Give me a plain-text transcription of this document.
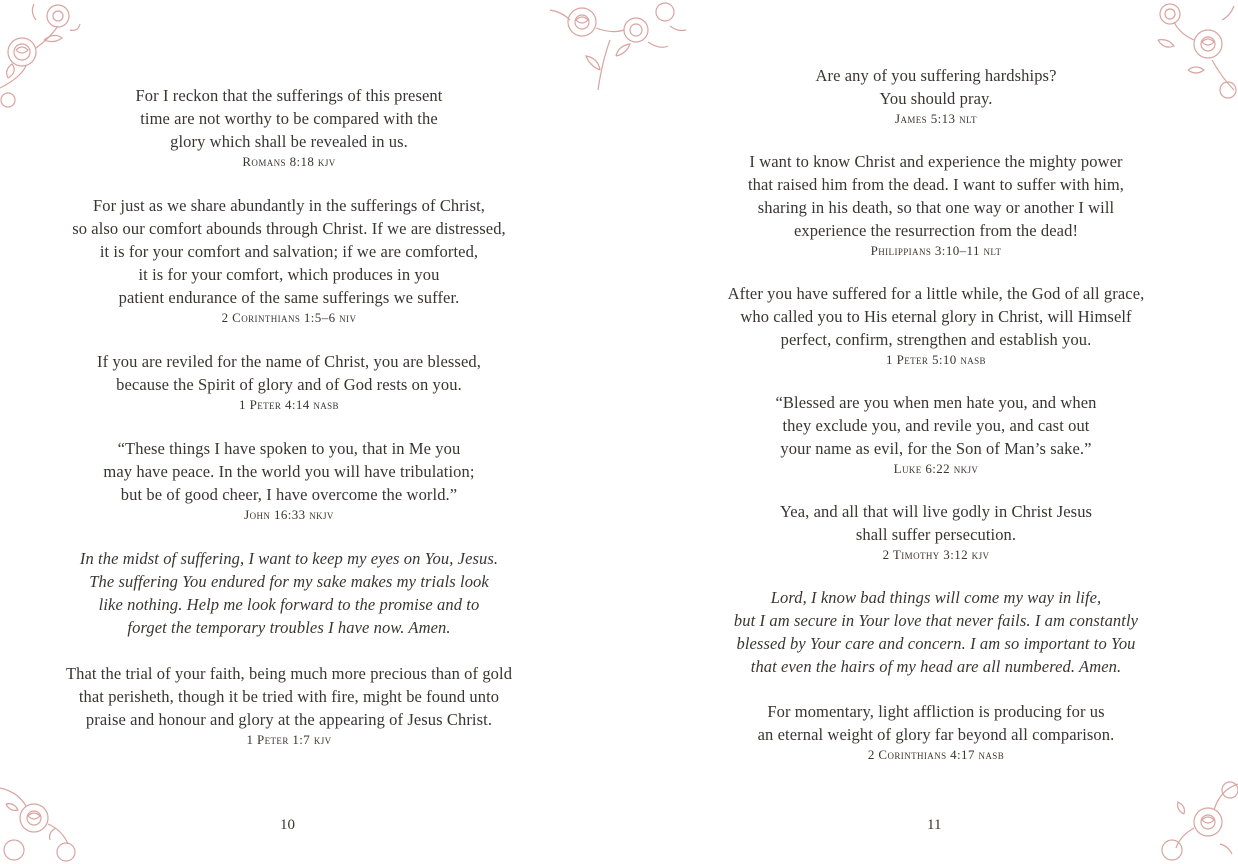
For I reckon that the sufferings of this present
time are not worthy to be compared with the
glory which shall be revealed in us.
Romans 8:18 kjv
For just as we share abundantly in the sufferings of Christ,
so also our comfort abounds through Christ. If we are distressed,
it is for your comfort and salvation; if we are comforted,
it is for your comfort, which produces in you
patient endurance of the same sufferings we suffer.
2 Corinthians 1:5–6 niv
If you are reviled for the name of Christ, you are blessed,
because the Spirit of glory and of God rests on you.
1 Peter 4:14 nasb
“These things I have spoken to you, that in Me you
may have peace. In the world you will have tribulation;
but be of good cheer, I have overcome the world.”
John 16:33 nkjv
In the midst of suffering, I want to keep my eyes on You, Jesus.
The suffering You endured for my sake makes my trials look
like nothing. Help me look forward to the promise and to
forget the temporary troubles I have now. Amen.
That the trial of your faith, being much more precious than of gold
that perisheth, though it be tried with fire, might be found unto
praise and honour and glory at the appearing of Jesus Christ.
1 Peter 1:7 kjv
10
Are any of you suffering hardships?
You should pray.
James 5:13 nlt
I want to know Christ and experience the mighty power
that raised him from the dead. I want to suffer with him,
sharing in his death, so that one way or another I will
experience the resurrection from the dead!
Philippians 3:10–11 nlt
After you have suffered for a little while, the God of all grace,
who called you to His eternal glory in Christ, will Himself
perfect, confirm, strengthen and establish you.
1 Peter 5:10 nasb
“Blessed are you when men hate you, and when
they exclude you, and revile you, and cast out
your name as evil, for the Son of Man’s sake.”
Luke 6:22 nkjv
Yea, and all that will live godly in Christ Jesus
shall suffer persecution.
2 Timothy 3:12 kjv
Lord, I know bad things will come my way in life,
but I am secure in Your love that never fails. I am constantly
blessed by Your care and concern. I am so important to You
that even the hairs of my head are all numbered. Amen.
For momentary, light affliction is producing for us
an eternal weight of glory far beyond all comparison.
2 Corinthians 4:17 nasb
11
